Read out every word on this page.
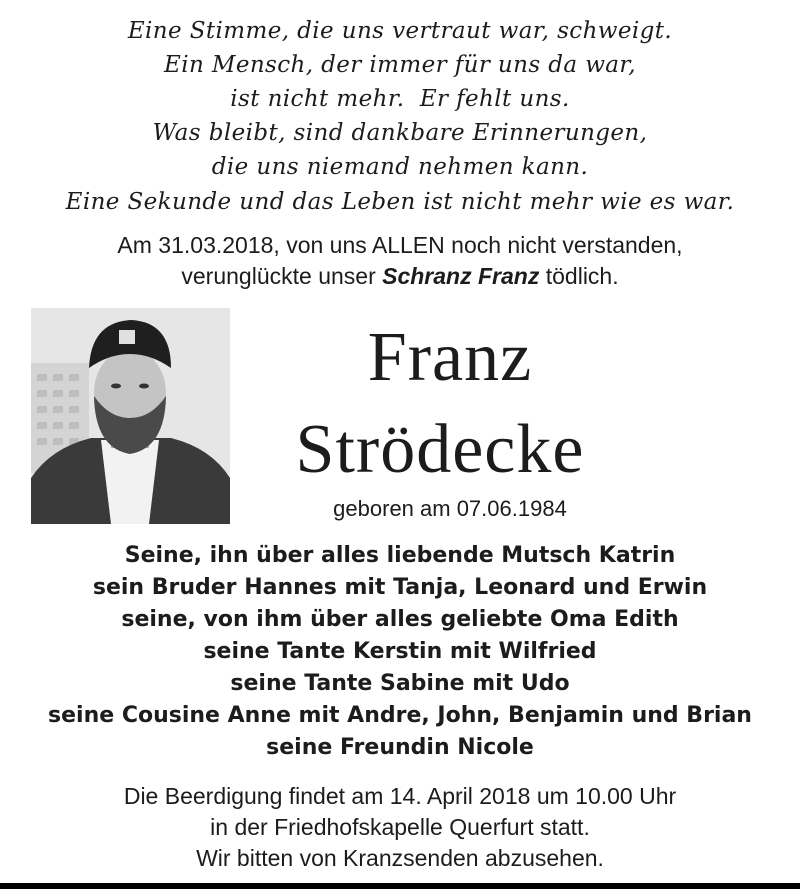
Eine Stimme, die uns vertraut war, schweigt.
Ein Mensch, der immer für uns da war,
ist nicht mehr.  Er fehlt uns.
Was bleibt, sind dankbare Erinnerungen,
die uns niemand nehmen kann.
Eine Sekunde und das Leben ist nicht mehr wie es war.
Am 31.03.2018, von uns ALLEN noch nicht verstanden,
verunglückte unser Schranz Franz tödlich.
Franz
Strödecke
geboren am 07.06.1984
Seine, ihn über alles liebende Mutsch Katrin
sein Bruder Hannes mit Tanja, Leonard und Erwin
seine, von ihm über alles geliebte Oma Edith
seine Tante Kerstin mit Wilfried
seine Tante Sabine mit Udo
seine Cousine Anne mit Andre, John, Benjamin und Brian
seine Freundin Nicole
Die Beerdigung findet am 14. April 2018 um 10.00 Uhr
in der Friedhofskapelle Querfurt statt.
Wir bitten von Kranzsenden abzusehen.
